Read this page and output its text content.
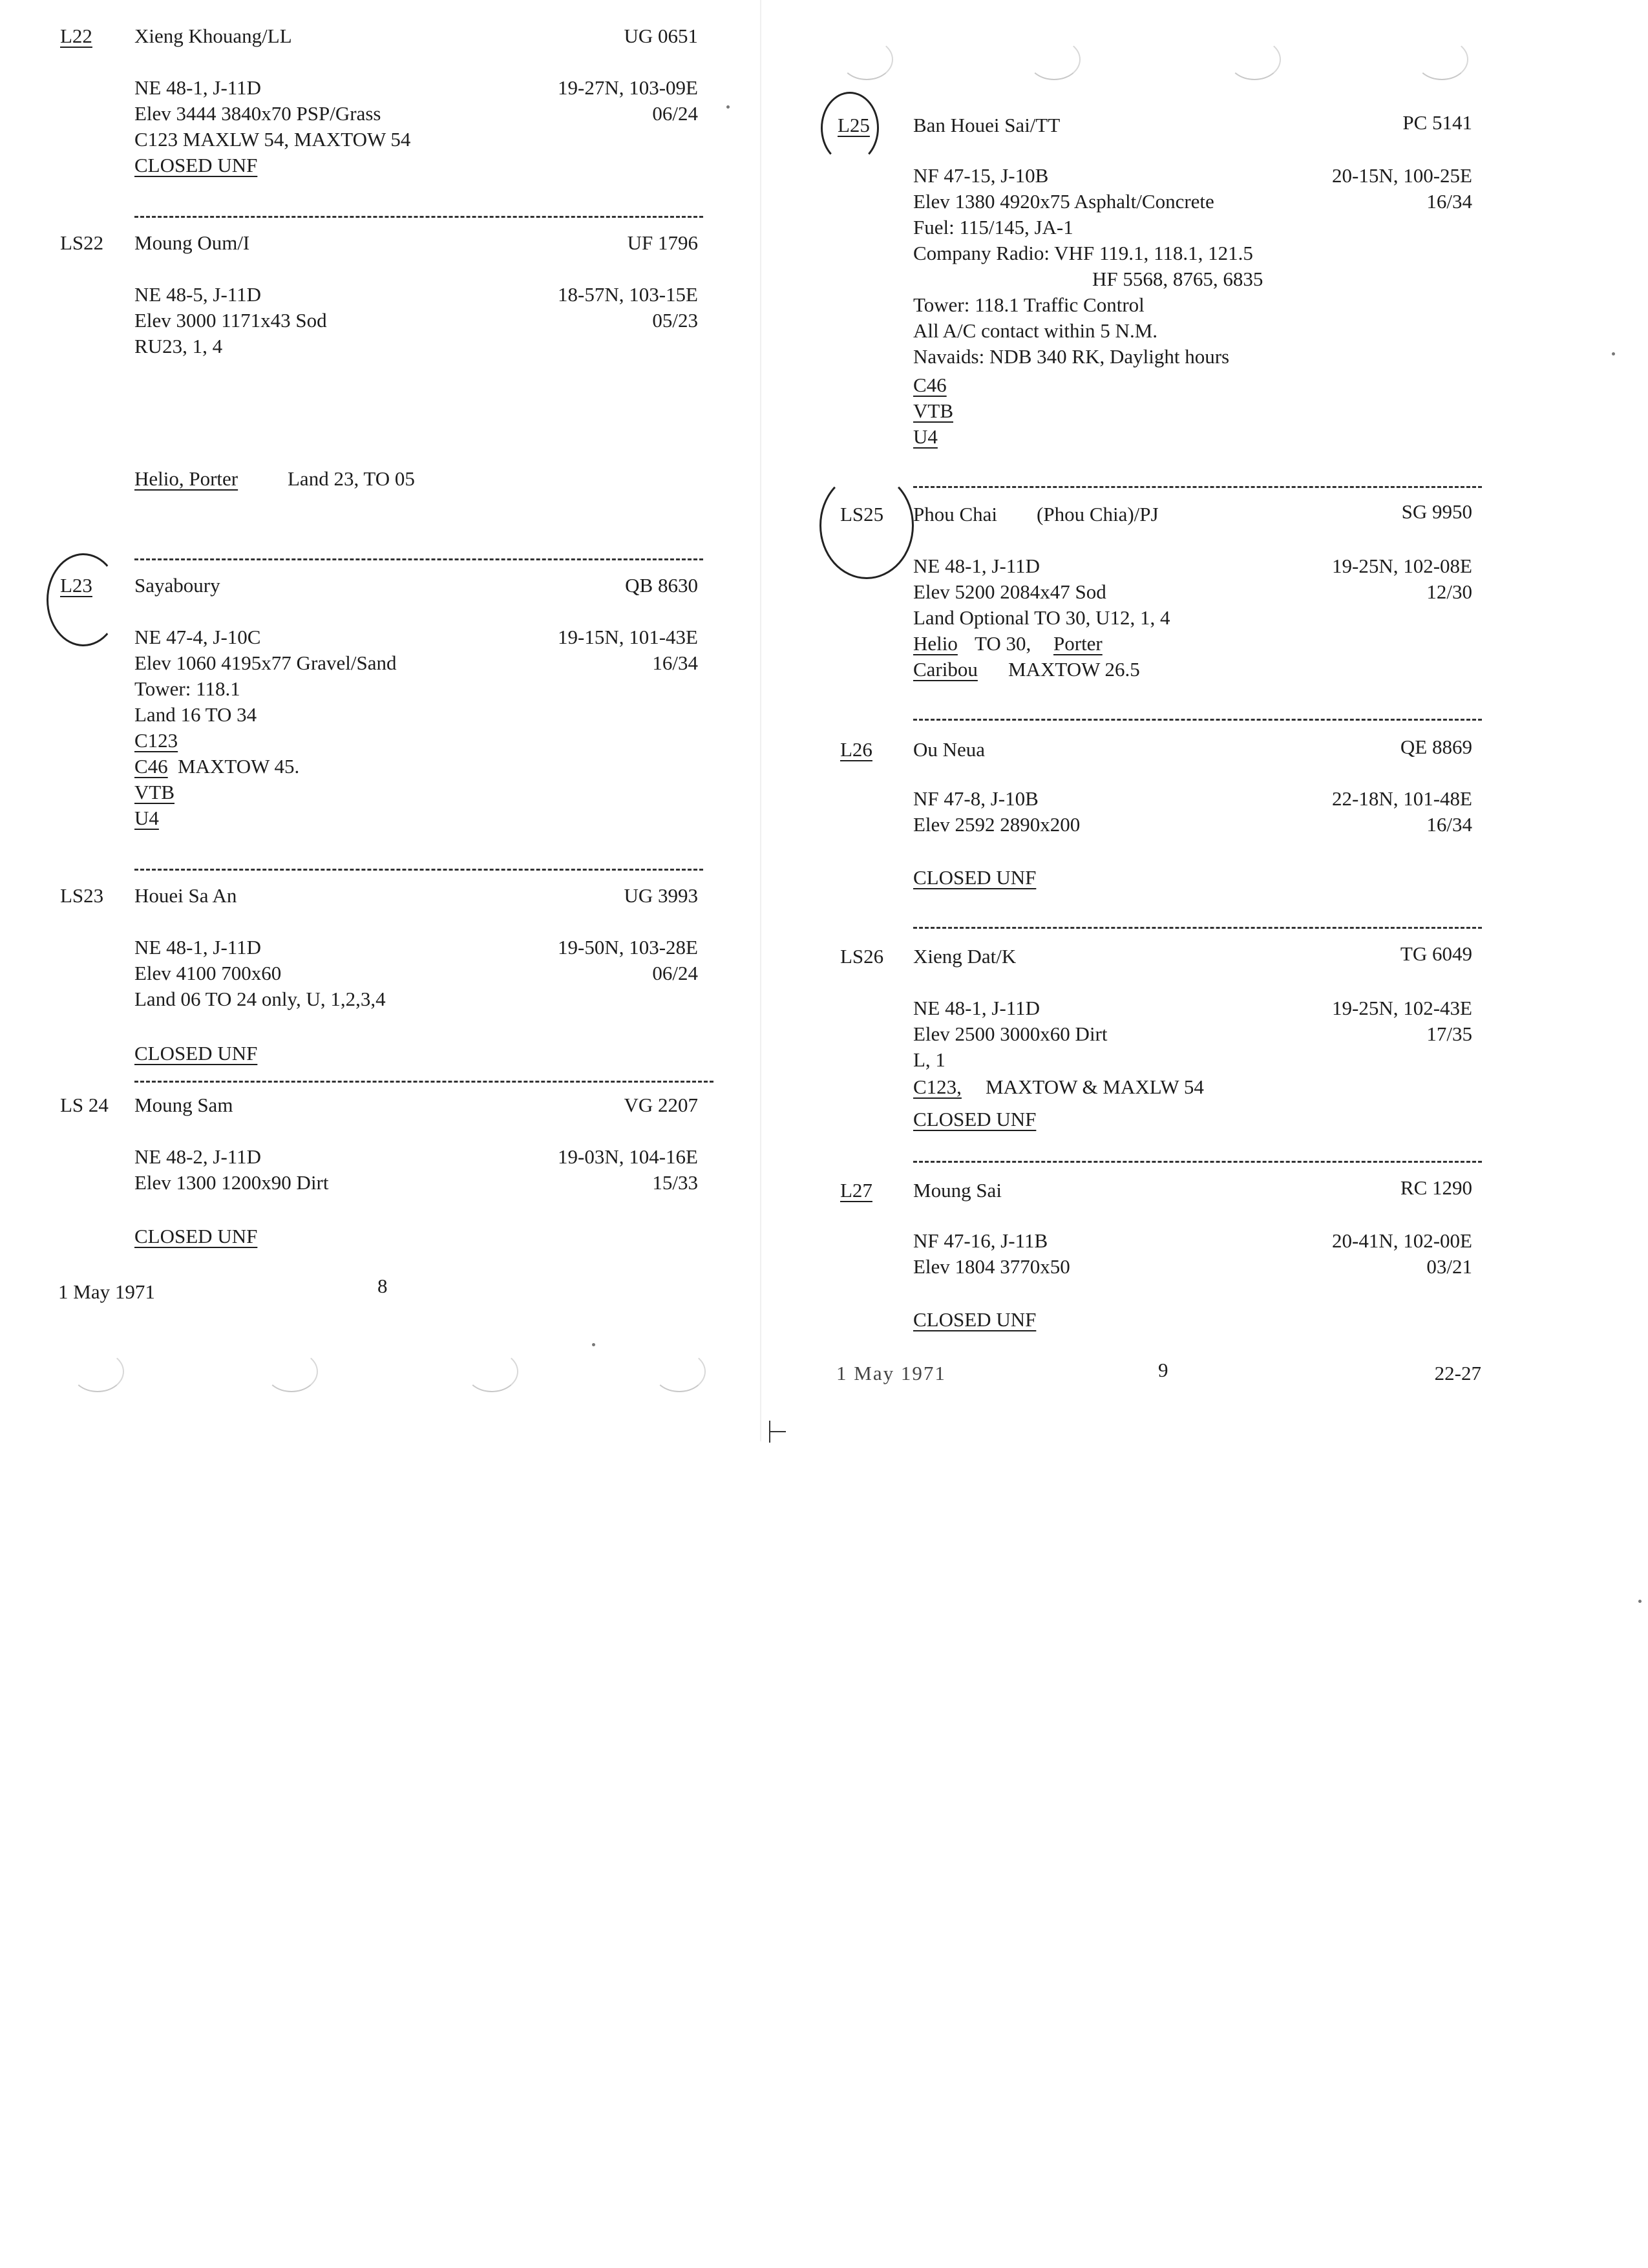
L22 Xieng Khouang/LL	UG 0651
NE 48-1, J-11D	19-27N, 103-09E
Elev 3444 3840x70 PSP/Grass	06/24
C123 MAXLW 54, MAXTOW 54
CLOSED UNF
LS22 Moung Oum/I	UF 1796
NE 48-5, J-11D	18-57N, 103-15E
Elev 3000 1171x43 Sod	05/23
RU23, 1, 4
Helio, Porter Land 23, TO 05
L23 Sayaboury	QB 8630
NE 47-4, J-10C	19-15N, 101-43E
Elev 1060 4195x77 Gravel/Sand	16/34
Tower: 118.1
Land 16 TO 34
C123
C46 MAXTOW 45.
VTB
U4
LS23 Houei Sa An	UG 3993
NE 48-1, J-11D	19-50N, 103-28E
Elev 4100 700x60	06/24
Land 06 TO 24 only, U, 1,2,3,4
CLOSED UNF
LS 24 Moung Sam	VG 2207
NE 48-2, J-11D	19-03N, 104-16E
Elev 1300 1200x90 Dirt	15/33
CLOSED UNF
1 May 1971	8
L25 Ban Houei Sai/TT	PC 5141
NF 47-15, J-10B	20-15N, 100-25E
Elev 1380 4920x75 Asphalt/Concrete	16/34
Fuel: 115/145, JA-1
Company Radio: VHF 119.1, 118.1, 121.5
HF 5568, 8765, 6835
Tower: 118.1 Traffic Control
All A/C contact within 5 N.M.
Navaids: NDB 340 RK, Daylight hours
C46
VTB
U4
LS25 Phou Chai (Phou Chia)/PJ	SG 9950
NE 48-1, J-11D	19-25N, 102-08E
Elev 5200 2084x47 Sod	12/30
Land Optional TO 30, U12, 1, 4
Helio TO 30, Porter
Caribou MAXTOW 26.5
L26 Ou Neua	QE 8869
NF 47-8, J-10B	22-18N, 101-48E
Elev 2592 2890x200	16/34
CLOSED UNF
LS26 Xieng Dat/K	TG 6049
NE 48-1, J-11D	19-25N, 102-43E
Elev 2500 3000x60 Dirt	17/35
L, 1
C123, MAXTOW & MAXLW 54
CLOSED UNF
L27 Moung Sai	RC 1290
NF 47-16, J-11B	20-41N, 102-00E
Elev 1804 3770x50	03/21
CLOSED UNF
1 May 1971	9	22-27
